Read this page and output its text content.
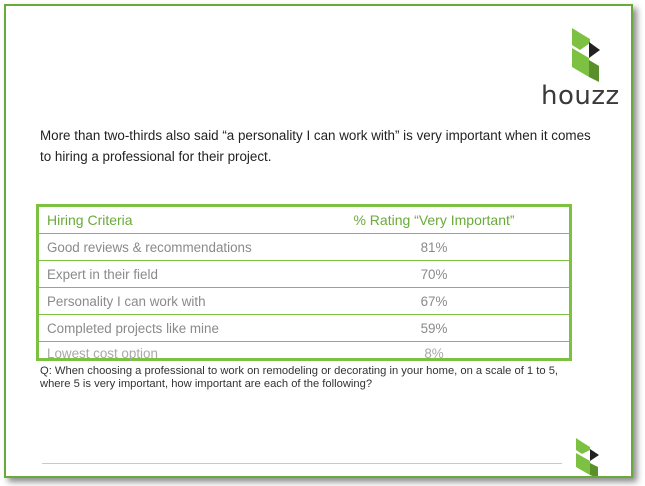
houzz
More than two-thirds also said “a personality I can work with” is very important when it comes to hiring a professional for their project.
Hiring Criteria	% Rating “Very Important”
Good reviews & recommendations	81%
Expert in their field	70%
Personality I can work with	67%
Completed projects like mine	59%
Lowest cost option	8%
Q: When choosing a professional to work on remodeling or decorating in your home, on a scale of 1 to 5, where 5 is very important, how important are each of the following?
